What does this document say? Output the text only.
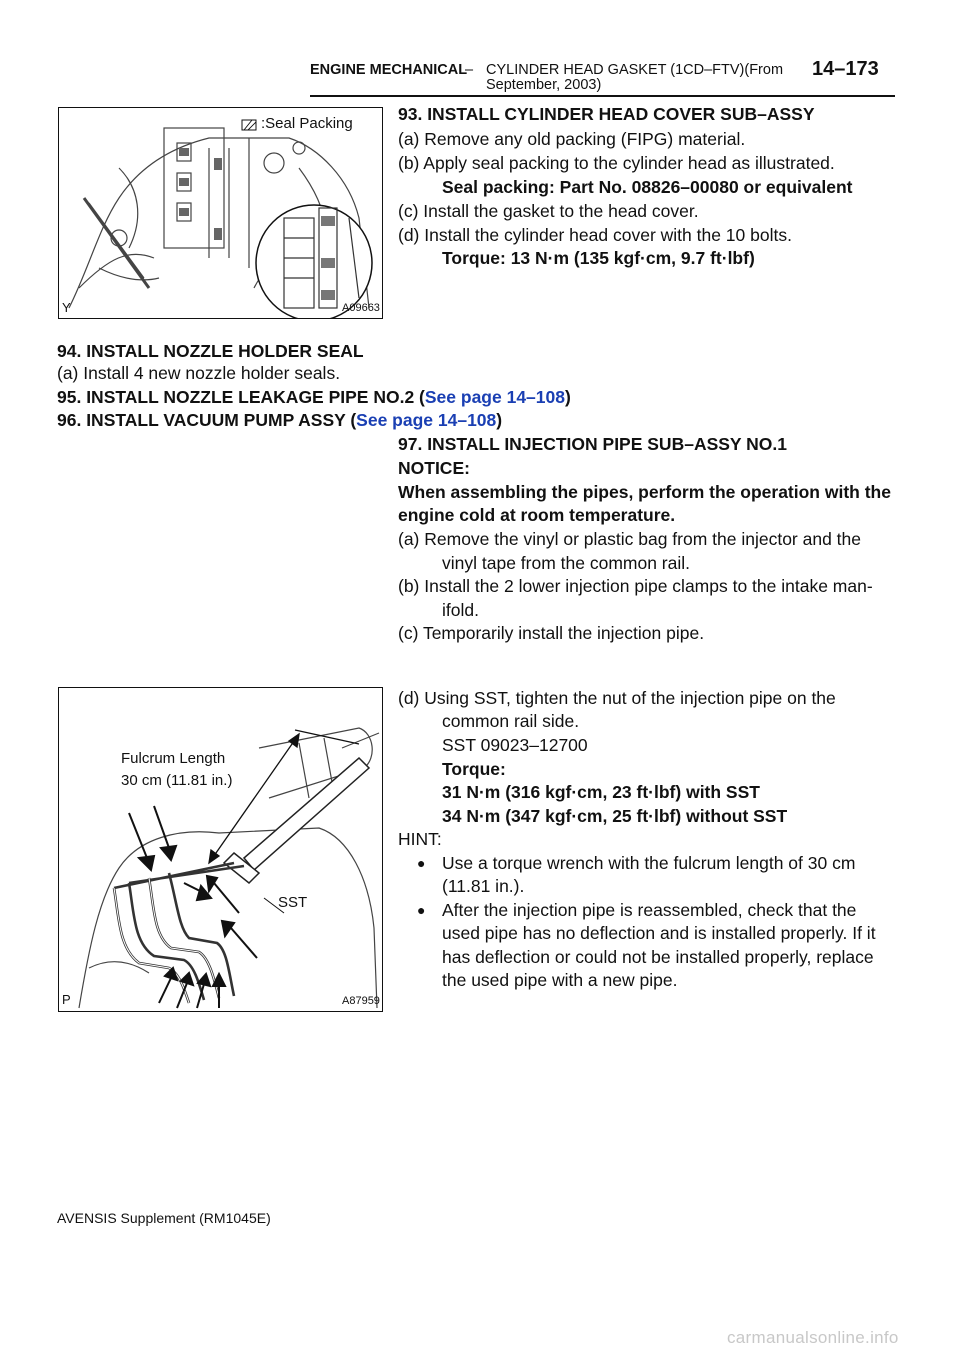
ENGINE MECHANICAL
– CYLINDER HEAD GASKET (1CD–FTV)(From
September, 2003)
14–173
:Seal Packing
A09663
Y
93. INSTALL CYLINDER HEAD COVER SUB–ASSY
(a) Remove any old packing (FIPG) material.
(b) Apply seal packing to the cylinder head as illustrated.
Seal packing: Part No. 08826–00080 or equivalent
(c) Install the gasket to the head cover.
(d) Install the cylinder head cover with the 10 bolts.
Torque: 13 N·m (135 kgf·cm, 9.7 ft·lbf)
94. INSTALL NOZZLE HOLDER SEAL
(a) Install 4 new nozzle holder seals.
95. INSTALL NOZZLE LEAKAGE PIPE NO.2 (See page 14–108)
96. INSTALL VACUUM PUMP ASSY (See page 14–108)
97. INSTALL INJECTION PIPE SUB–ASSY NO.1
NOTICE:
When assembling the pipes, perform the operation with the
engine cold at room temperature.
(a) Remove the vinyl or plastic bag from the injector and the
vinyl tape from the common rail.
(b) Install the 2 lower injection pipe clamps to the intake man-
ifold.
(c) Temporarily install the injection pipe.
Fulcrum Length
30 cm (11.81 in.)
SST
A87959
P
(d) Using SST, tighten the nut of the injection pipe on the
common rail side.
SST 09023–12700
Torque:
31 N·m (316 kgf·cm, 23 ft·lbf) with SST
34 N·m (347 kgf·cm, 25 ft·lbf) without SST
HINT:
● Use a torque wrench with the fulcrum length of 30 cm
(11.81 in.).
● After the injection pipe is reassembled, check that the
used pipe has no deflection and is installed properly. If it
has deflection or could not be installed properly, replace
the used pipe with a new pipe.
AVENSIS Supplement (RM1045E)
carmanualsonline.info
